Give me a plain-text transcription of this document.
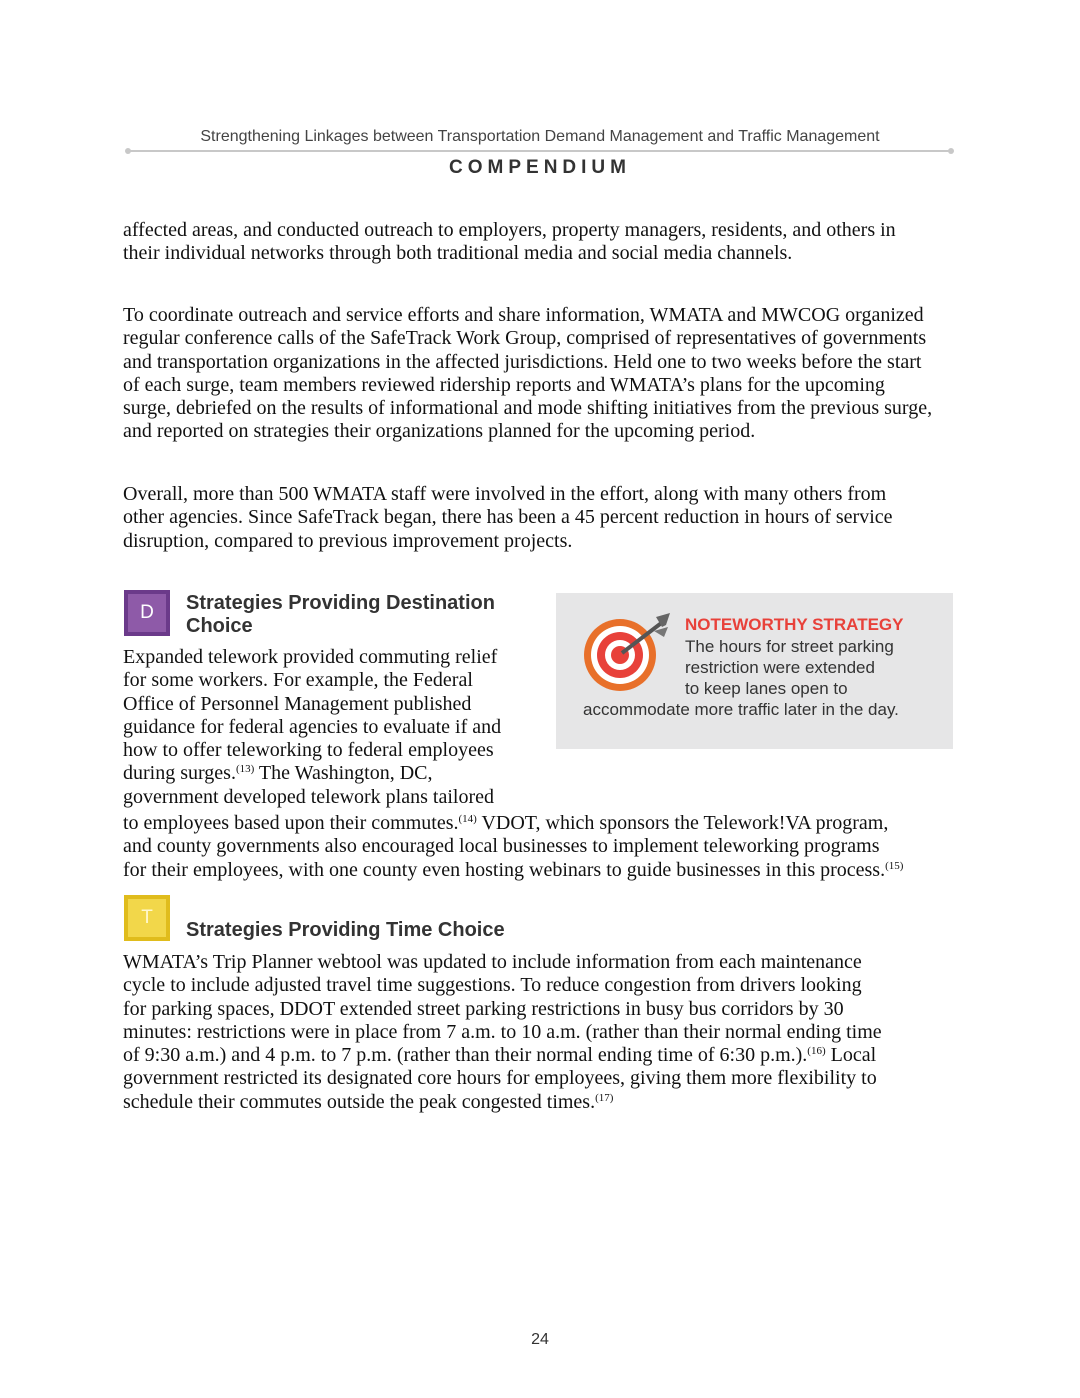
Strengthening Linkages between Transportation Demand Management and Traffic Management
COMPENDIUM
affected areas, and conducted outreach to employers, property managers, residents, and others in
their individual networks through both traditional media and social media channels.
To coordinate outreach and service efforts and share information, WMATA and MWCOG organized
regular conference calls of the SafeTrack Work Group, comprised of representatives of governments
and transportation organizations in the affected jurisdictions. Held one to two weeks before the start
of each surge, team members reviewed ridership reports and WMATA’s plans for the upcoming
surge, debriefed on the results of informational and mode shifting initiatives from the previous surge,
and reported on strategies their organizations planned for the upcoming period.
Overall, more than 500 WMATA staff were involved in the effort, along with many others from
other agencies. Since SafeTrack began, there has been a 45 percent reduction in hours of service
disruption, compared to previous improvement projects.
D	Strategies Providing Destination
Choice
Expanded telework provided commuting relief
for some workers. For example, the Federal
Office of Personnel Management published
guidance for federal agencies to evaluate if and
how to offer teleworking to federal employees
during surges.$^{(13)}$ The Washington, DC,
government developed telework plans tailored
to employees based upon their commutes.$^{(14)}$ VDOT, which sponsors the Telework!VA program,
and county governments also encouraged local businesses to implement teleworking programs
for their employees, with one county even hosting webinars to guide businesses in this process.$^{(15)}$
NOTEWORTHY STRATEGY
The hours for street parking
restriction were extended
to keep lanes open to
accommodate more traffic later in the day.
T
Strategies Providing Time Choice
WMATA’s Trip Planner webtool was updated to include information from each maintenance
cycle to include adjusted travel time suggestions. To reduce congestion from drivers looking
for parking spaces, DDOT extended street parking restrictions in busy bus corridors by 30
minutes: restrictions were in place from 7 a.m. to 10 a.m. (rather than their normal ending time
of 9:30 a.m.) and 4 p.m. to 7 p.m. (rather than their normal ending time of 6:30 p.m.).$^{(16)}$ Local
government restricted its designated core hours for employees, giving them more flexibility to
schedule their commutes outside the peak congested times.$^{(17)}$
24
